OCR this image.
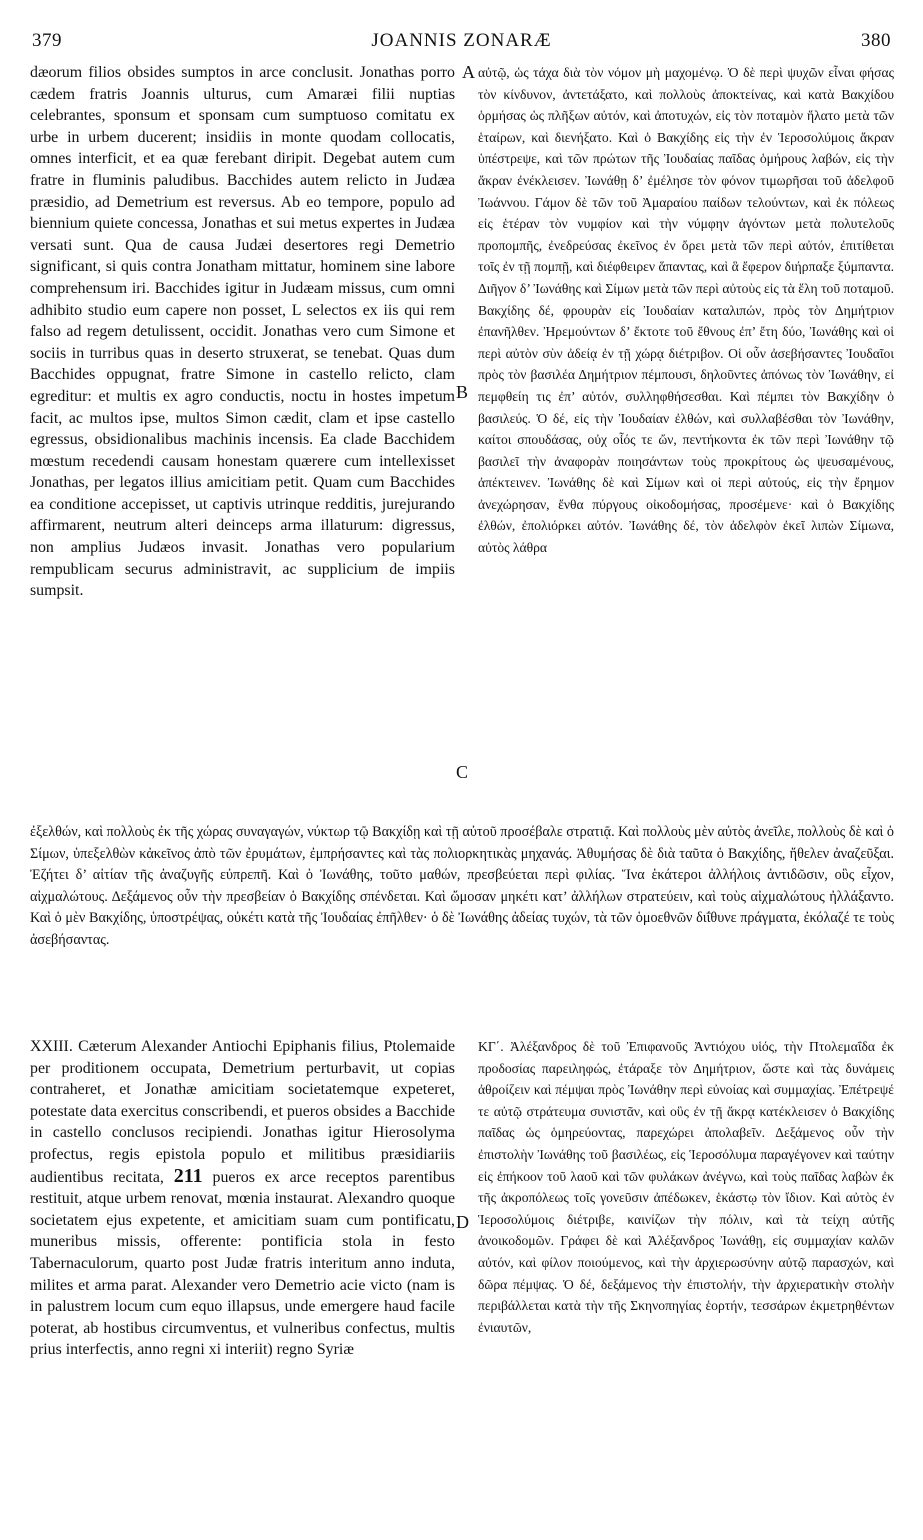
379	JOANNIS ZONARÆ	380
A
B
C
D
dæorum filios obsides sumptos in arce conclusit. Jonathas porro cædem fratris Joannis ulturus, cum Amaræi filii nuptias celebrantes, sponsum et sponsam cum sumptuoso comitatu ex urbe in urbem ducerent; insidiis in monte quodam collocatis, omnes interficit, et ea quæ ferebant diripit. Degebat autem cum fratre in fluminis paludibus. Bacchides autem relicto in Judæa præsidio, ad Demetrium est reversus. Ab eo tempore, populo ad biennium quiete concessa, Jonathas et sui metus expertes in Judæa versati sunt. Qua de causa Judæi desertores regi Demetrio significant, si quis contra Jonatham mittatur, hominem sine labore comprehensum iri. Bacchides igitur in Judæam missus, cum omni adhibito studio eum capere non posset, L selectos ex iis qui rem falso ad regem detulissent, occidit. Jonathas vero cum Simone et sociis in turribus quas in deserto struxerat, se tenebat. Quas dum Bacchides oppugnat, fratre Simone in castello relicto, clam egreditur: et multis ex agro conductis, noctu in hostes impetum facit, ac multos ipse, multos Simon cædit, clam et ipse castello egressus, obsidionalibus machinis incensis. Ea clade Bacchidem mœstum recedendi causam honestam quærere cum intellexisset Jonathas, per legatos illius amicitiam petit. Quam cum Bacchides ea conditione accepisset, ut captivis utrinque redditis, jurejurando affirmarent, neutrum alteri deinceps arma illaturum: digressus, non amplius Judæos invasit. Jonathas vero popularium rempublicam securus administravit, ac supplicium de impiis sumpsit.
αὐτῷ, ὡς τάχα διὰ τὸν νόμον μὴ μαχομένῳ. Ὁ δὲ περὶ ψυχῶν εἶναι φήσας τὸν κίνδυνον, ἀντετάξατο, καὶ πολλοὺς ἀποκτείνας, καὶ κατὰ Βακχίδου ὁρμήσας ὡς πλῆξων αὐτόν, καὶ ἀποτυχών, εἰς τὸν ποταμὸν ἥλατο μετὰ τῶν ἑταίρων, καὶ διενήξατο. Καὶ ὁ Βακχίδης εἰς τὴν ἐν Ἱεροσολύμοις ἄκραν ὑπέστρεψε, καὶ τῶν πρώτων τῆς Ἰουδαίας παῖδας ὁμήρους λαβών, εἰς τὴν ἄκραν ἐνέκλεισεν. Ἰωνάθῃ δ’ ἐμέλησε τὸν φόνον τιμωρῆσαι τοῦ ἀδελφοῦ Ἰωάννου. Γάμον δὲ τῶν τοῦ Ἀμαραίου παίδων τελούντων, καὶ ἐκ πόλεως εἰς ἑτέραν τὸν νυμφίον καὶ τὴν νύμφην ἀγόντων μετὰ πολυτελοῦς προπομπῆς, ἐνεδρεύσας ἐκεῖνος ἐν ὄρει μετὰ τῶν περὶ αὐτόν, ἐπιτίθεται τοῖς ἐν τῇ πομπῇ, καὶ διέφθειρεν ἅπαντας, καὶ ἃ ἔφερον διήρπαξε ξύμπαντα. Διῆγον δ’ Ἰωνάθης καὶ Σίμων μετὰ τῶν περὶ αὐτοὺς εἰς τὰ ἕλη τοῦ ποταμοῦ. Βακχίδης δέ, φρουρὰν εἰς Ἰουδαίαν καταλιπών, πρὸς τὸν Δημήτριον ἐπανῆλθεν. Ἠρεμούντων δ’ ἔκτοτε τοῦ ἔθνους ἐπ’ ἔτη δύο, Ἰωνάθης καὶ οἱ περὶ αὐτὸν σὺν ἀδείᾳ ἐν τῇ χώρᾳ διέτριβον. Οἱ οὖν ἀσεβήσαντες Ἰουδαῖοι πρὸς τὸν βασιλέα Δημήτριον πέμπουσι, δηλοῦντες ἀπόνως τὸν Ἰωνάθην, εἰ πεμφθείη τις ἐπ’ αὐτόν, συλληφθήσεσθαι. Καὶ πέμπει τὸν Βακχίδην ὁ βασιλεύς. Ὁ δέ, εἰς τὴν Ἰουδαίαν ἐλθών, καὶ συλλαβέσθαι τὸν Ἰωνάθην, καίτοι σπουδάσας, οὐχ οἷός τε ὤν, πεντήκοντα ἐκ τῶν περὶ Ἰωνάθην τῷ βασιλεῖ τὴν ἀναφορὰν ποιησάντων τοὺς προκρίτους ὡς ψευσαμένους, ἀπέκτεινεν. Ἰωνάθης δὲ καὶ Σίμων καὶ οἱ περὶ αὐτούς, εἰς τὴν ἔρημον ἀνεχώρησαν, ἔνθα πύργους οἰκοδομήσας, προσέμενε· καὶ ὁ Βακχίδης ἐλθών, ἐπολιόρκει αὐτόν. Ἰωνάθης δέ, τὸν ἀδελφὸν ἐκεῖ λιπὼν Σίμωνα, αὐτὸς λάθρα
ἐξελθών, καὶ πολλοὺς ἐκ τῆς χώρας συναγαγών, νύκτωρ τῷ Βακχίδῃ καὶ τῇ αὐτοῦ προσέβαλε στρατιᾷ. Καὶ πολλοὺς μὲν αὐτὸς ἀνεῖλε, πολλοὺς δὲ καὶ ὁ Σίμων, ὑπεξελθὼν κἀκεῖνος ἀπὸ τῶν ἐρυμάτων, ἐμπρήσαντες καὶ τὰς πολιορκητικὰς μηχανάς. Ἀθυμήσας δὲ διὰ ταῦτα ὁ Βακχίδης, ἤθελεν ἀναζεῦξαι. Ἐζήτει δ’ αἰτίαν τῆς ἀναζυγῆς εὐπρεπῆ. Καὶ ὁ Ἰωνάθης, τοῦτο μαθών, πρεσβεύεται περὶ φιλίας. Ἵνα ἑκάτεροι ἀλλήλοις ἀντιδῶσιν, οὓς εἶχον, αἰχμαλώτους. Δεξάμενος οὖν τὴν πρεσβείαν ὁ Βακχίδης σπένδεται. Καὶ ὤμοσαν μηκέτι κατ’ ἀλλήλων στρατεύειν, καὶ τοὺς αἰχμαλώτους ἠλλάξαντο. Καὶ ὁ μὲν Βακχίδης, ὑποστρέψας, οὐκέτι κατὰ τῆς Ἰουδαίας ἐπῆλθεν· ὁ δὲ Ἰωνάθης ἀδείας τυχών, τὰ τῶν ὁμοεθνῶν διΐθυνε πράγματα, ἐκόλαζέ τε τοὺς ἀσεβήσαντας.
XXIII. Cæterum Alexander Antiochi Epiphanis filius, Ptolemaide per proditionem occupata, Demetrium perturbavit, ut copias contraheret, et Jonathæ amicitiam societatemque expeteret, potestate data exercitus conscribendi, et pueros obsides a Bacchide in castello conclusos recipiendi. Jonathas igitur Hierosolyma profectus, regis epistola populo et militibus præsidiariis audientibus recitata, 211 pueros ex arce receptos parentibus restituit, atque urbem renovat, mœnia instaurat. Alexandro quoque societatem ejus expetente, et amicitiam suam cum pontificatu, muneribus missis, offerente: pontificia stola in festo Tabernaculorum, quarto post Judæ fratris interitum anno induta, milites et arma parat. Alexander vero Demetrio acie victo (nam is in palustrem locum cum equo illapsus, unde emergere haud facile poterat, ab hostibus circumventus, et vulneribus confectus, multis prius interfectis, anno regni xi interiit) regno Syriæ
ΚΓ΄. Ἀλέξανδρος δὲ τοῦ Ἐπιφανοῦς Ἀντιόχου υἱός, τὴν Πτολεμαΐδα ἐκ προδοσίας παρειληφώς, ἐτάραξε τὸν Δημήτριον, ὥστε καὶ τὰς δυνάμεις ἀθροίζειν καὶ πέμψαι πρὸς Ἰωνάθην περὶ εὐνοίας καὶ συμμαχίας. Ἐπέτρεψέ τε αὐτῷ στράτευμα συνιστᾶν, καὶ οὓς ἐν τῇ ἄκρᾳ κατέκλεισεν ὁ Βακχίδης παῖδας ὡς ὁμηρεύοντας, παρεχώρει ἀπολαβεῖν. Δεξάμενος οὖν τὴν ἐπιστολὴν Ἰωνάθης τοῦ βασιλέως, εἰς Ἱεροσόλυμα παραγέγονεν καὶ ταύτην εἰς ἐπήκοον τοῦ λαοῦ καὶ τῶν φυλάκων ἀνέγνω, καὶ τοὺς παῖδας λαβὼν ἐκ τῆς ἀκροπόλεως τοῖς γονεῦσιν ἀπέδωκεν, ἑκάστῳ τὸν ἴδιον. Καὶ αὐτὸς ἐν Ἱεροσολύμοις διέτριβε, καινίζων τὴν πόλιν, καὶ τὰ τείχη αὐτῆς ἀνοικοδομῶν. Γράφει δὲ καὶ Ἀλέξανδρος Ἰωνάθῃ, εἰς συμμαχίαν καλῶν αὐτόν, καὶ φίλον ποιούμενος, καὶ τὴν ἀρχιερωσύνην αὐτῷ παρασχών, καὶ δῶρα πέμψας. Ὁ δέ, δεξάμενος τὴν ἐπιστολήν, τὴν ἀρχιερατικὴν στολὴν περιβάλλεται κατὰ τὴν τῆς Σκηνοπηγίας ἑορτήν, τεσσάρων ἐκμετρηθέντων ἐνιαυτῶν,
